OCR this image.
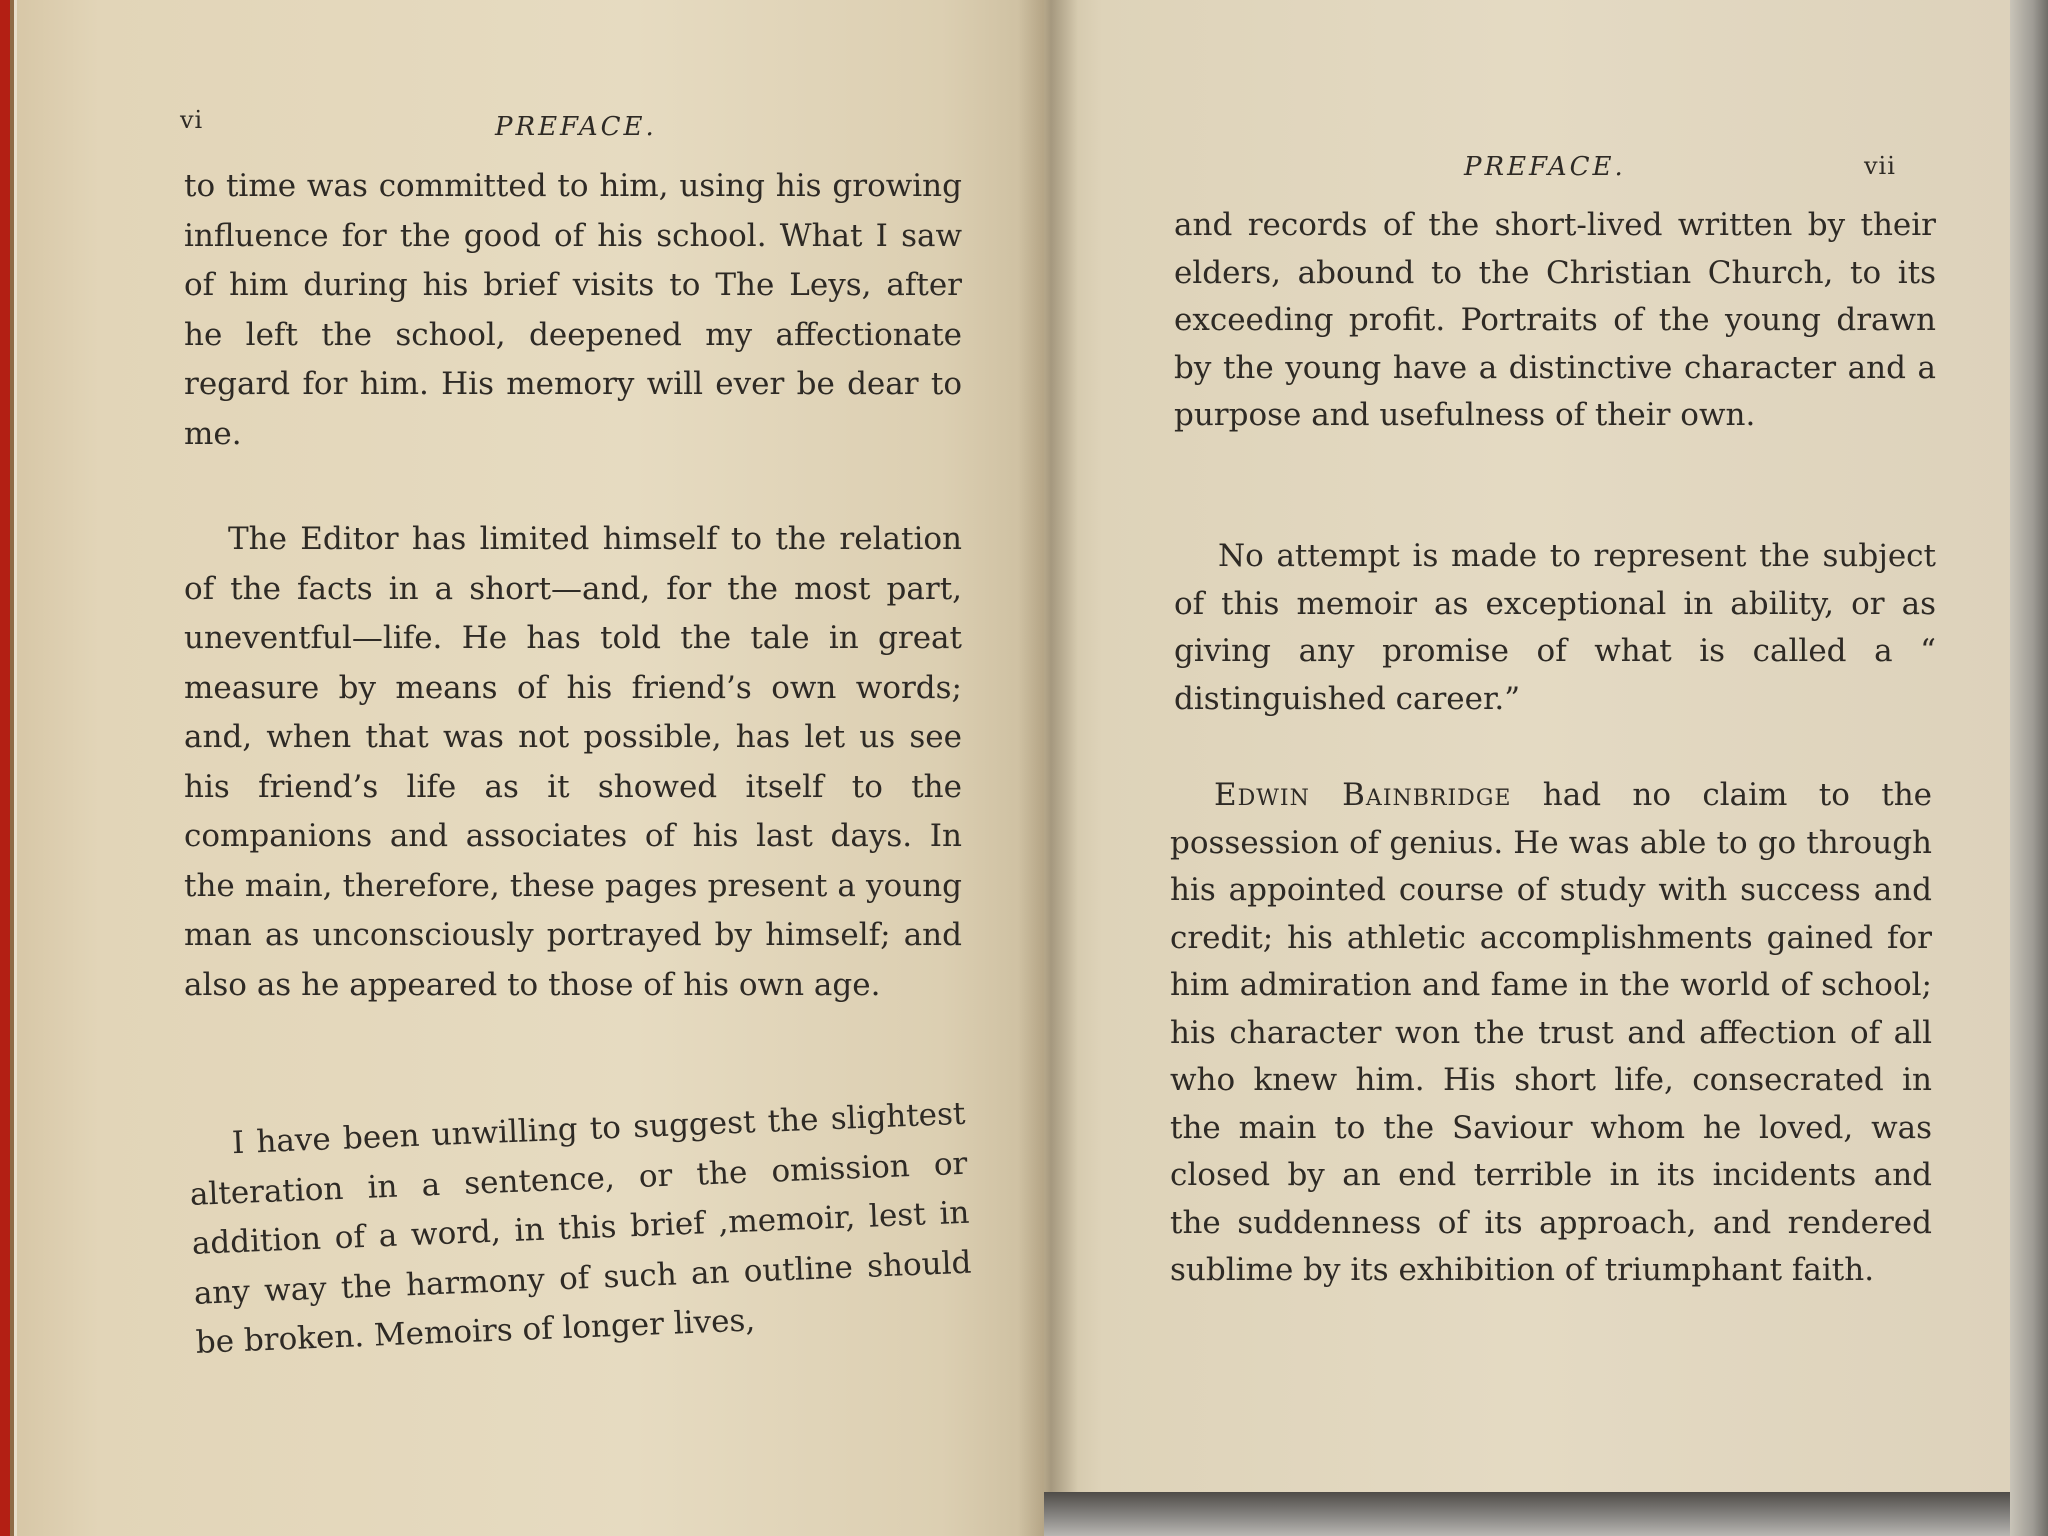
vi	PREFACE.

to time was committed to him, using his growing influence for the good of his school. What I saw of him during his brief visits to The Leys, after he left the school, deepened my affectionate regard for him. His memory will ever be dear to me.

The Editor has limited himself to the relation of the facts in a short—and, for the most part, uneventful—life. He has told the tale in great measure by means of his friend’s own words; and, when that was not possible, has let us see his friend’s life as it showed itself to the companions and associates of his last days. In the main, therefore, these pages present a young man as unconsciously portrayed by himself; and also as he appeared to those of his own age.

I have been unwilling to suggest the slightest alteration in a sentence, or the omission or addition of a word, in this brief ,memoir, lest in any way the harmony of such an outline should be broken. Memoirs of longer lives,

PREFACE.	vii

and records of the short-lived written by their elders, abound to the Christian Church, to its exceeding profit. Portraits of the young drawn by the young have a distinctive character and a purpose and usefulness of their own.

No attempt is made to represent the subject of this memoir as exceptional in ability, or as giving any promise of what is called a “ distinguished career.”

Edwin Bainbridge had no claim to the possession of genius. He was able to go through his appointed course of study with success and credit; his athletic accomplishments gained for him admiration and fame in the world of school; his character won the trust and affection of all who knew him. His short life, consecrated in the main to the Saviour whom he loved, was closed by an end terrible in its incidents and the suddenness of its approach, and rendered sublime by its exhibition of triumphant faith.
